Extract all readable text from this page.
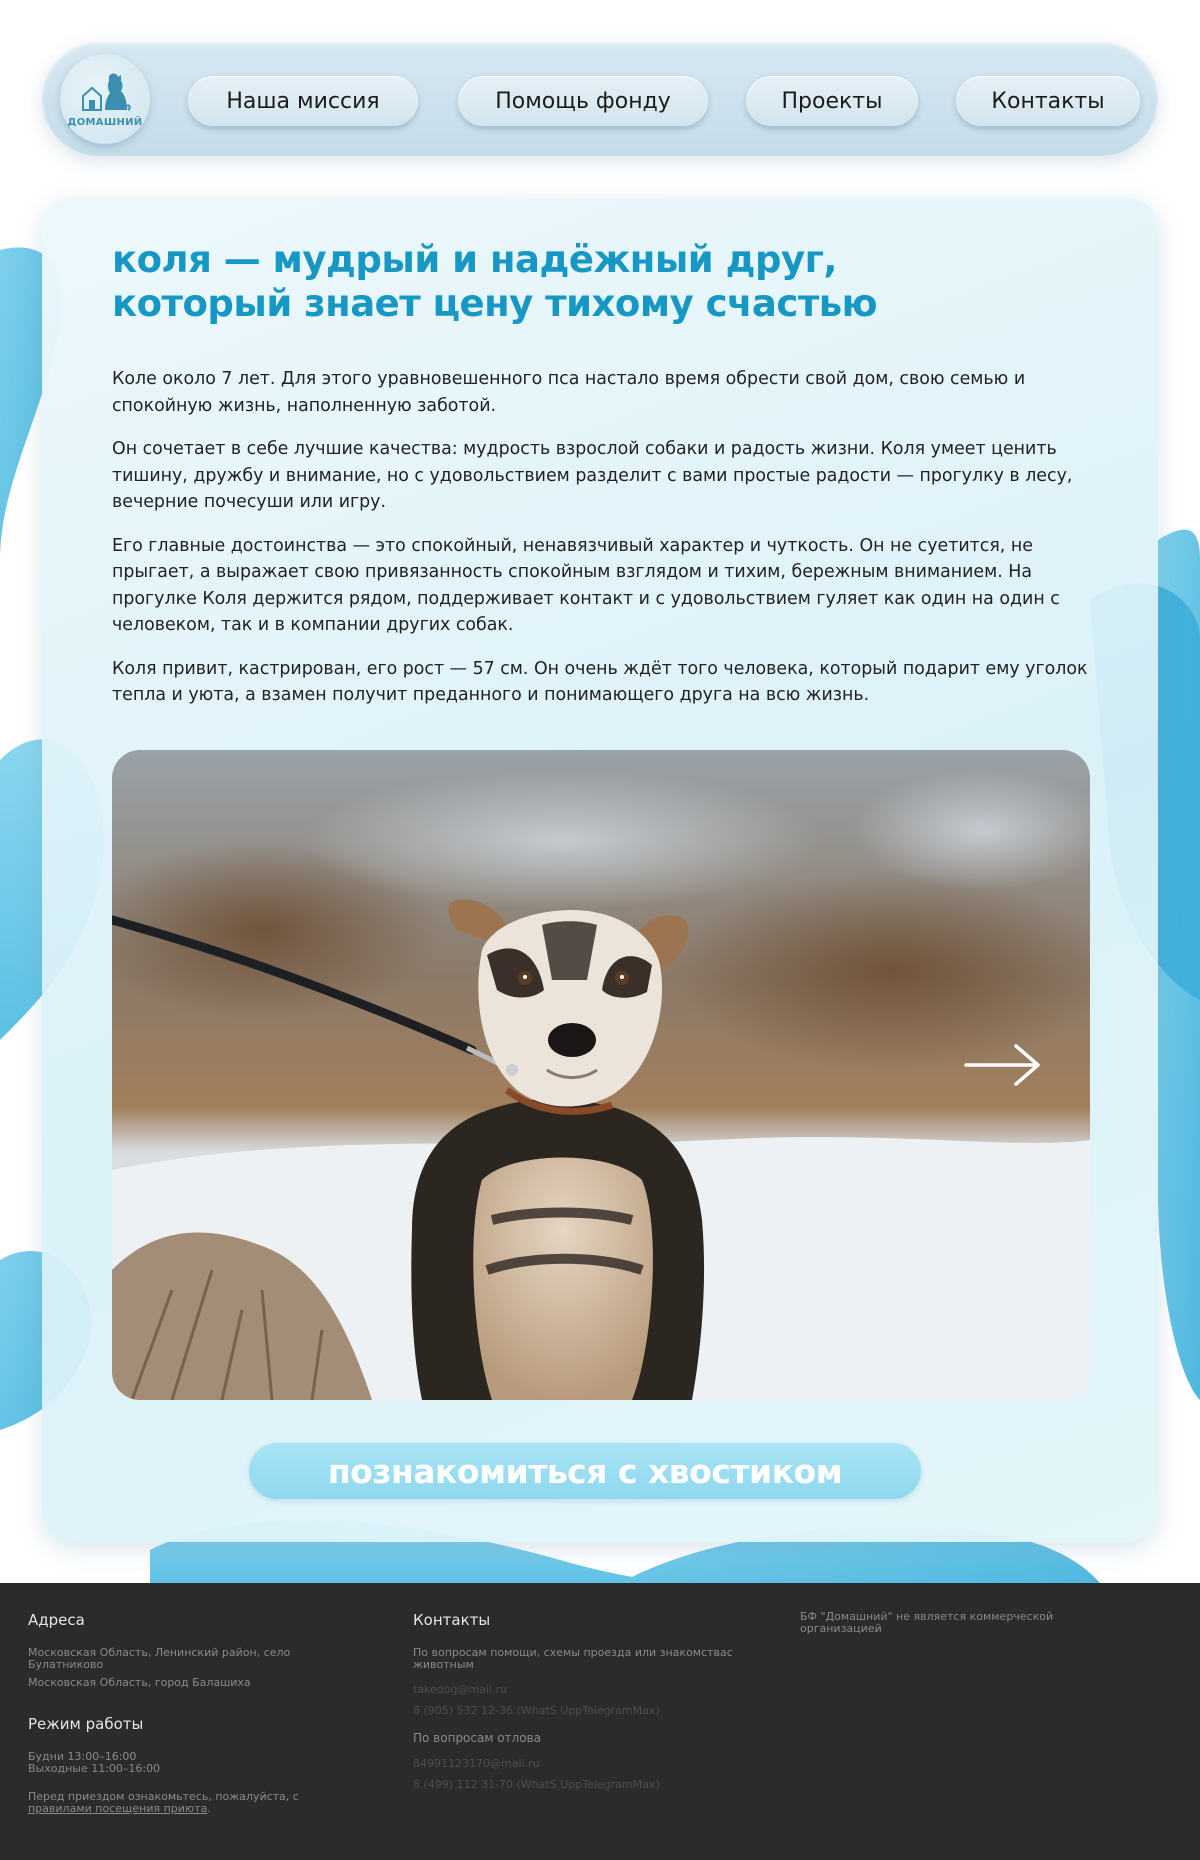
ДОМАШНИЙ
Наша миссия	Помощь фонду	Проекты	Контакты
коля — мудрый и надёжный друг, который знает цену тихому счастью

Коле около 7 лет. Для этого уравновешенного пса настало время обрести свой дом, свою семью и спокойную жизнь, наполненную заботой.

Он сочетает в себе лучшие качества: мудрость взрослой собаки и радость жизни. Коля умеет ценить тишину, дружбу и внимание, но с удовольствием разделит с вами простые радости — прогулку в лесу, вечерние почесуши или игру.

Его главные достоинства — это спокойный, ненавязчивый характер и чуткость. Он не суетится, не прыгает, а выражает свою привязанность спокойным взглядом и тихим, бережным вниманием. На прогулке Коля держится рядом, поддерживает контакт и с удовольствием гуляет как один на один с человеком, так и в компании других собак.

Коля привит, кастрирован, его рост — 57 см. Он очень ждёт того человека, который подарит ему уголок тепла и уюта, а взамен получит преданного и понимающего друга на всю жизнь.

познакомиться с хвостиком
Адреса
Московская Область, Ленинский район, село Булатниково
Московская Область, город Балашиха
Режим работы
Будни 13:00–16:00
Выходные 11:00–16:00
Перед приездом ознакомьтесь, пожалуйста, с правилами посещения приюта.
Контакты
По вопросам помощи, схемы проезда или знакомствас животным
takedog@mail.ru
8 (905) 532 12-36 (WhatS UppTelegramMax)
По вопросам отлова
84991123170@mail.ru
8 (499) 112 31-70 (WhatS UppTelegramMax)
БФ "Домашний" не является коммерческой организацией
